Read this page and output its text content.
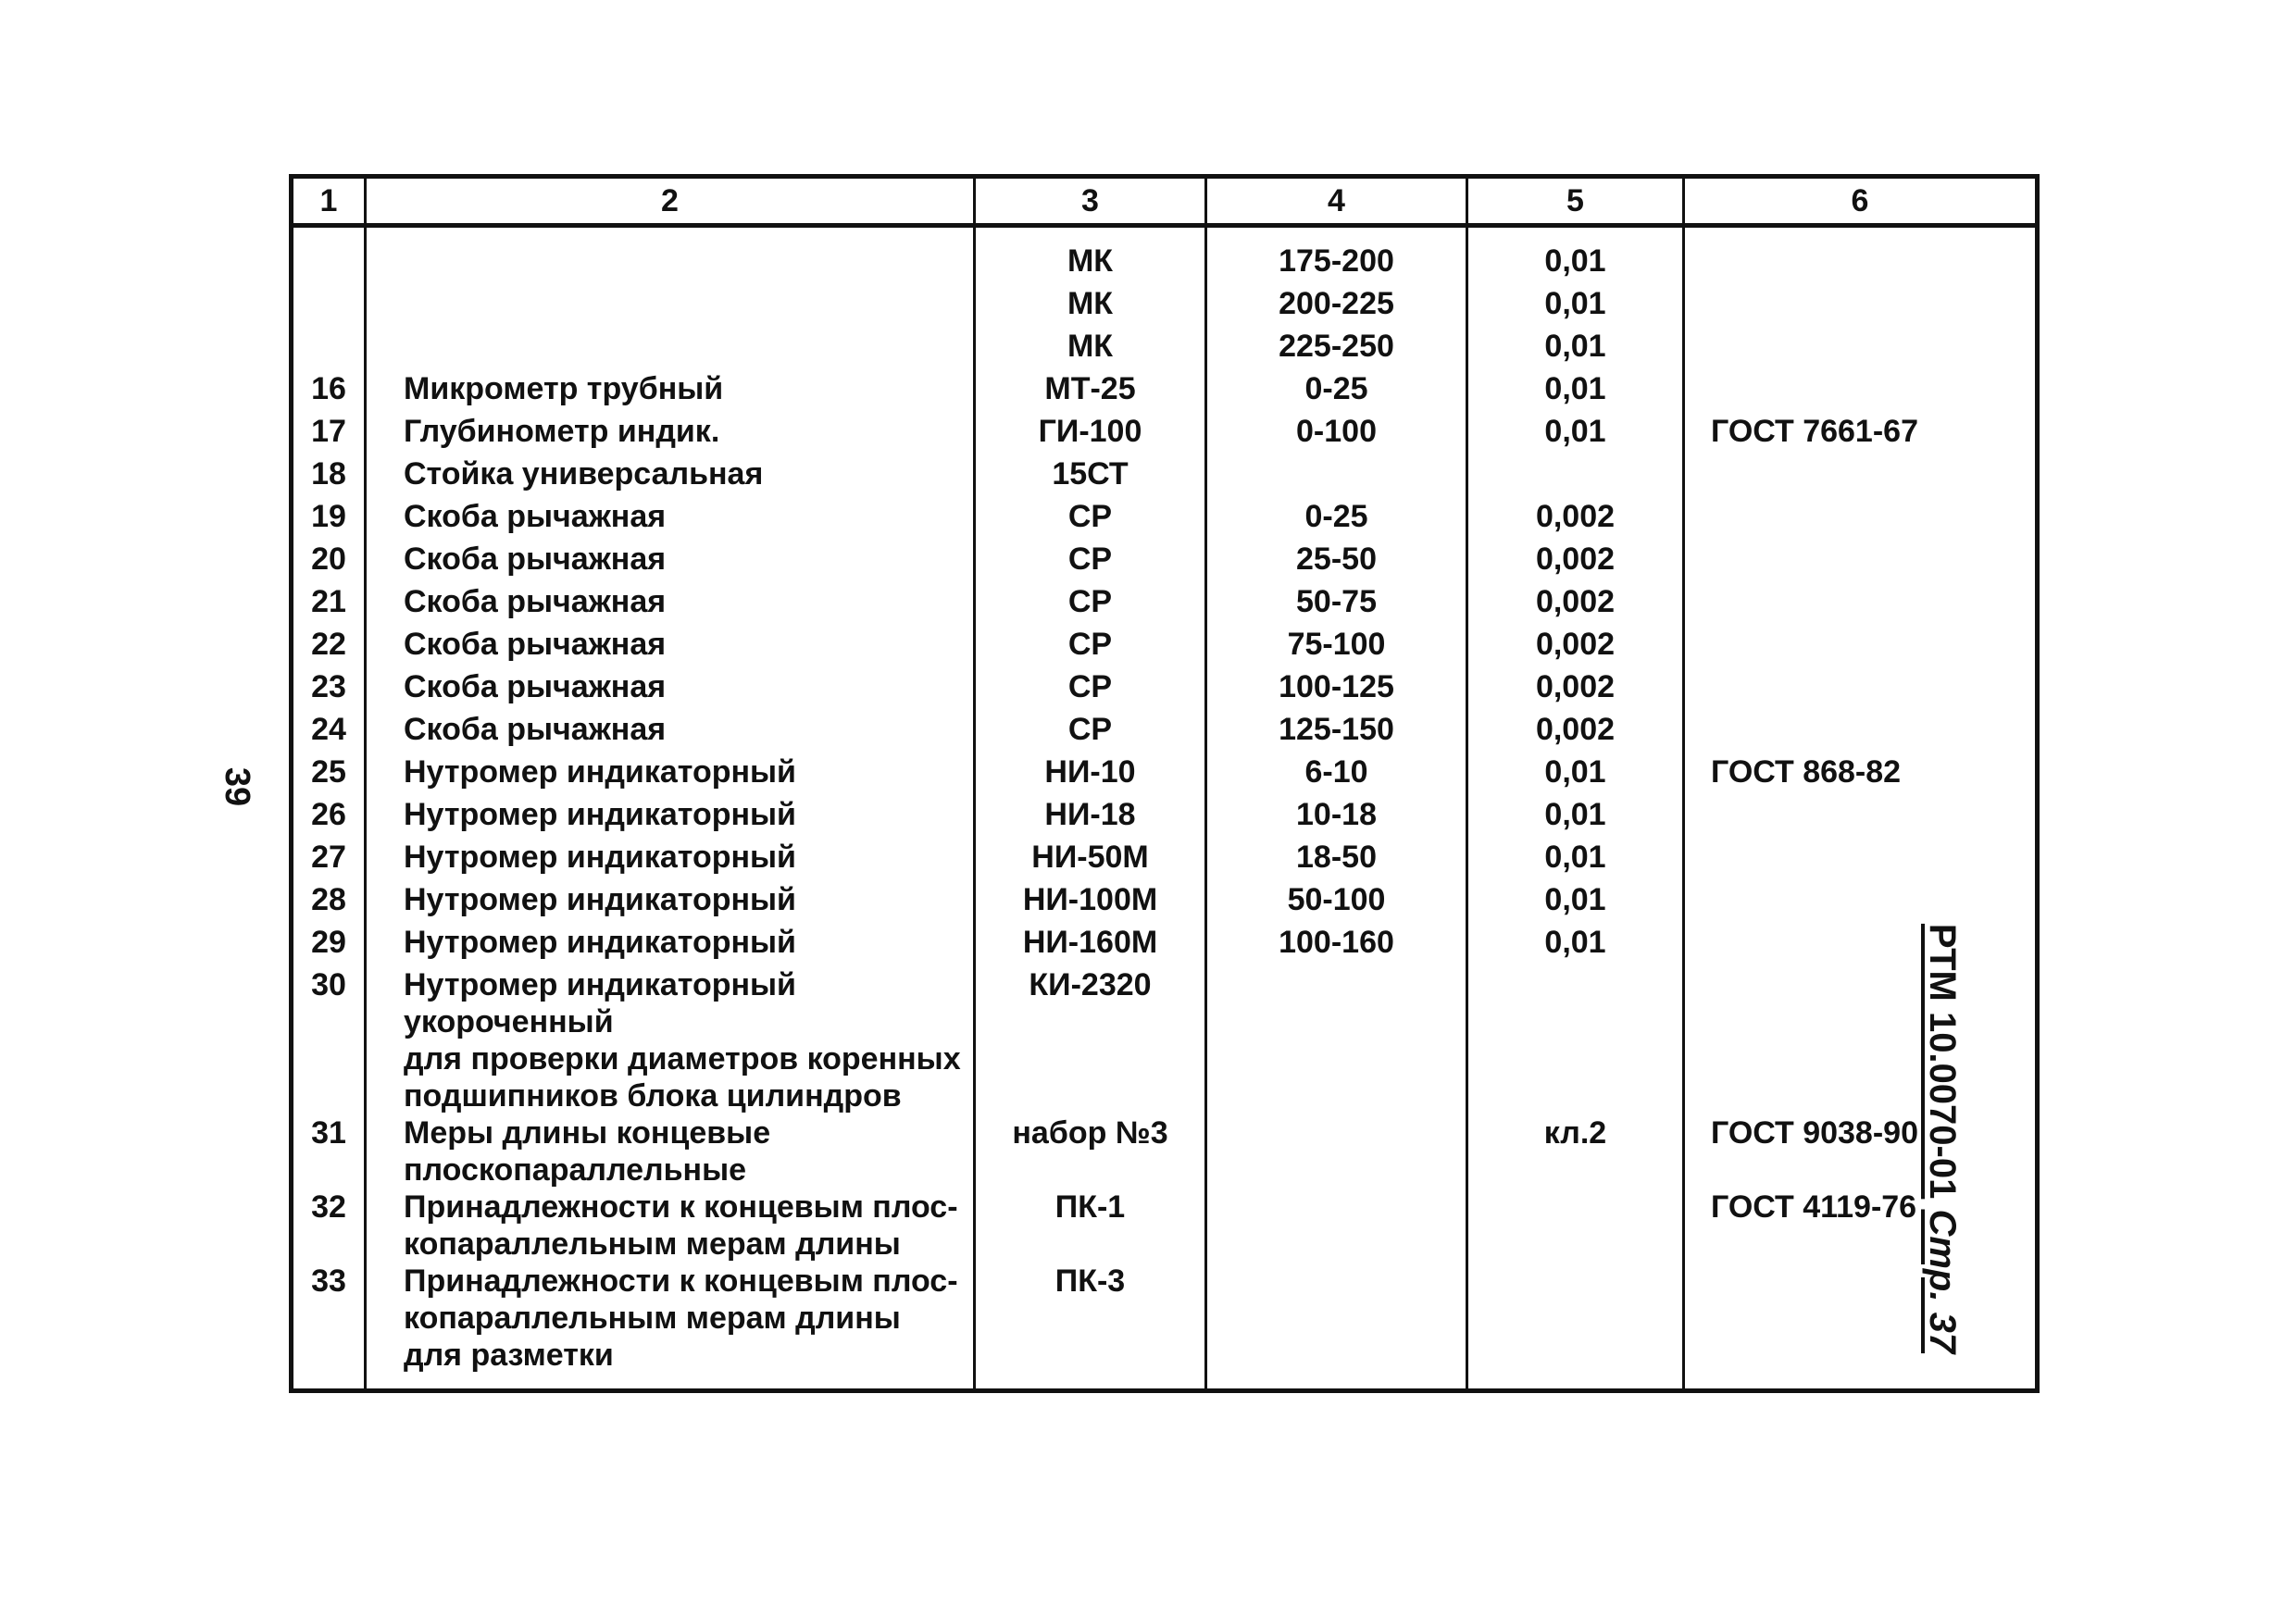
39
РТМ 10.0070-01 Стр. 37
1	2	3	4	5	6
		МК	175-200	0,01	
		МК	200-225	0,01	
		МК	225-250	0,01	
16	Микрометр трубный	МТ-25	0-25	0,01	
17	Глубинометр индик.	ГИ-100	0-100	0,01	ГОСТ 7661-67
18	Стойка универсальная	15СТ			
19	Скоба рычажная	СР	0-25	0,002	
20	Скоба рычажная	СР	25-50	0,002	
21	Скоба рычажная	СР	50-75	0,002	
22	Скоба рычажная	СР	75-100	0,002	
23	Скоба рычажная	СР	100-125	0,002	
24	Скоба рычажная	СР	125-150	0,002	
25	Нутромер индикаторный	НИ-10	6-10	0,01	ГОСТ 868-82
26	Нутромер индикаторный	НИ-18	10-18	0,01	
27	Нутромер индикаторный	НИ-50М	18-50	0,01	
28	Нутромер индикаторный	НИ-100М	50-100	0,01	
29	Нутромер индикаторный	НИ-160М	100-160	0,01	
30	Нутромер индикаторный укороченный
для проверки диаметров коренных
подшипников блока цилиндров	КИ-2320			
31	Меры длины концевые
плоскопараллельные	набор №3		кл.2	ГОСТ 9038-90
32	Принадлежности к концевым плос-
копараллельным мерам длины	ПК-1			ГОСТ 4119-76
33	Принадлежности к концевым плос-
копараллельным мерам длины
для разметки	ПК-3			
